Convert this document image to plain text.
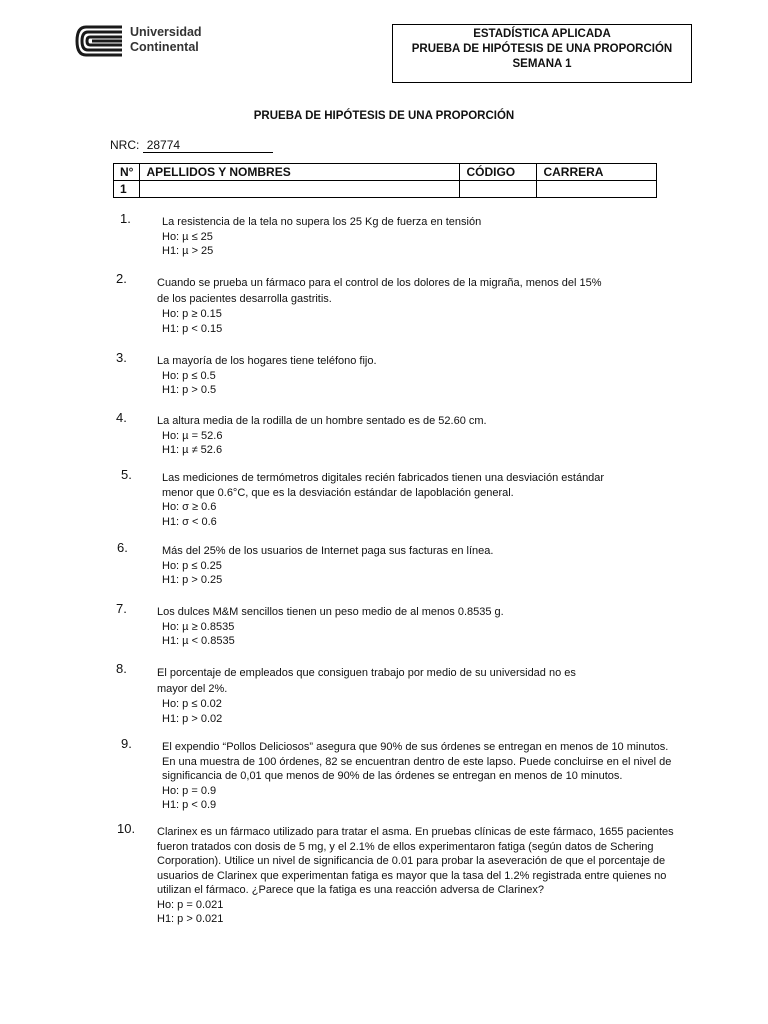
Universidad
Continental
ESTADÍSTICA APLICADA
PRUEBA DE HIPÓTESIS DE UNA PROPORCIÓN
SEMANA 1
PRUEBA DE HIPÓTESIS DE UNA PROPORCIÓN
NRC: 28774
N°	APELLIDOS Y NOMBRES	CÓDIGO	CARRERA
1			
1.	La resistencia de la tela no supera los 25 Kg de fuerza en tensión
Ho: µ ≤ 25
H1: µ > 25
2.	Cuando se prueba un fármaco para el control de los dolores de la migraña, menos del 15%
de los pacientes desarrolla gastritis.
Ho: p ≥ 0.15
H1: p < 0.15
3.	La mayoría de los hogares tiene teléfono fijo.
Ho: p ≤ 0.5
H1: p > 0.5
4.	La altura media de la rodilla de un hombre sentado es de 52.60 cm.
Ho: µ = 52.6
H1: µ ≠ 52.6
5.	Las mediciones de termómetros digitales recién fabricados tienen una desviación estándar
menor que 0.6°C, que es la desviación estándar de lapoblación general.
Ho: σ ≥ 0.6
H1: σ < 0.6
6.	Más del 25% de los usuarios de Internet paga sus facturas en línea.
Ho: p ≤ 0.25
H1: p > 0.25
7.	Los dulces M&M sencillos tienen un peso medio de al menos 0.8535 g.
Ho: µ ≥ 0.8535
H1: µ < 0.8535
8.	El porcentaje de empleados que consiguen trabajo por medio de su universidad no es
mayor del 2%.
Ho: p ≤ 0.02
H1: p > 0.02
9.	El expendio “Pollos Deliciosos” asegura que 90% de sus órdenes se entregan en menos de 10 minutos.
En una muestra de 100 órdenes, 82 se encuentran dentro de este lapso. Puede concluirse en el nivel de
significancia de 0,01 que menos de 90% de las órdenes se entregan en menos de 10 minutos.
Ho: p = 0.9
H1: p < 0.9
10. Clarinex es un fármaco utilizado para tratar el asma. En pruebas clínicas de este fármaco, 1655 pacientes
fueron tratados con dosis de 5 mg, y el 2.1% de ellos experimentaron fatiga (según datos de Schering
Corporation). Utilice un nivel de significancia de 0.01 para probar la aseveración de que el porcentaje de
usuarios de Clarinex que experimentan fatiga es mayor que la tasa del 1.2% registrada entre quienes no
utilizan el fármaco. ¿Parece que la fatiga es una reacción adversa de Clarinex?
Ho: p = 0.021
H1: p > 0.021
